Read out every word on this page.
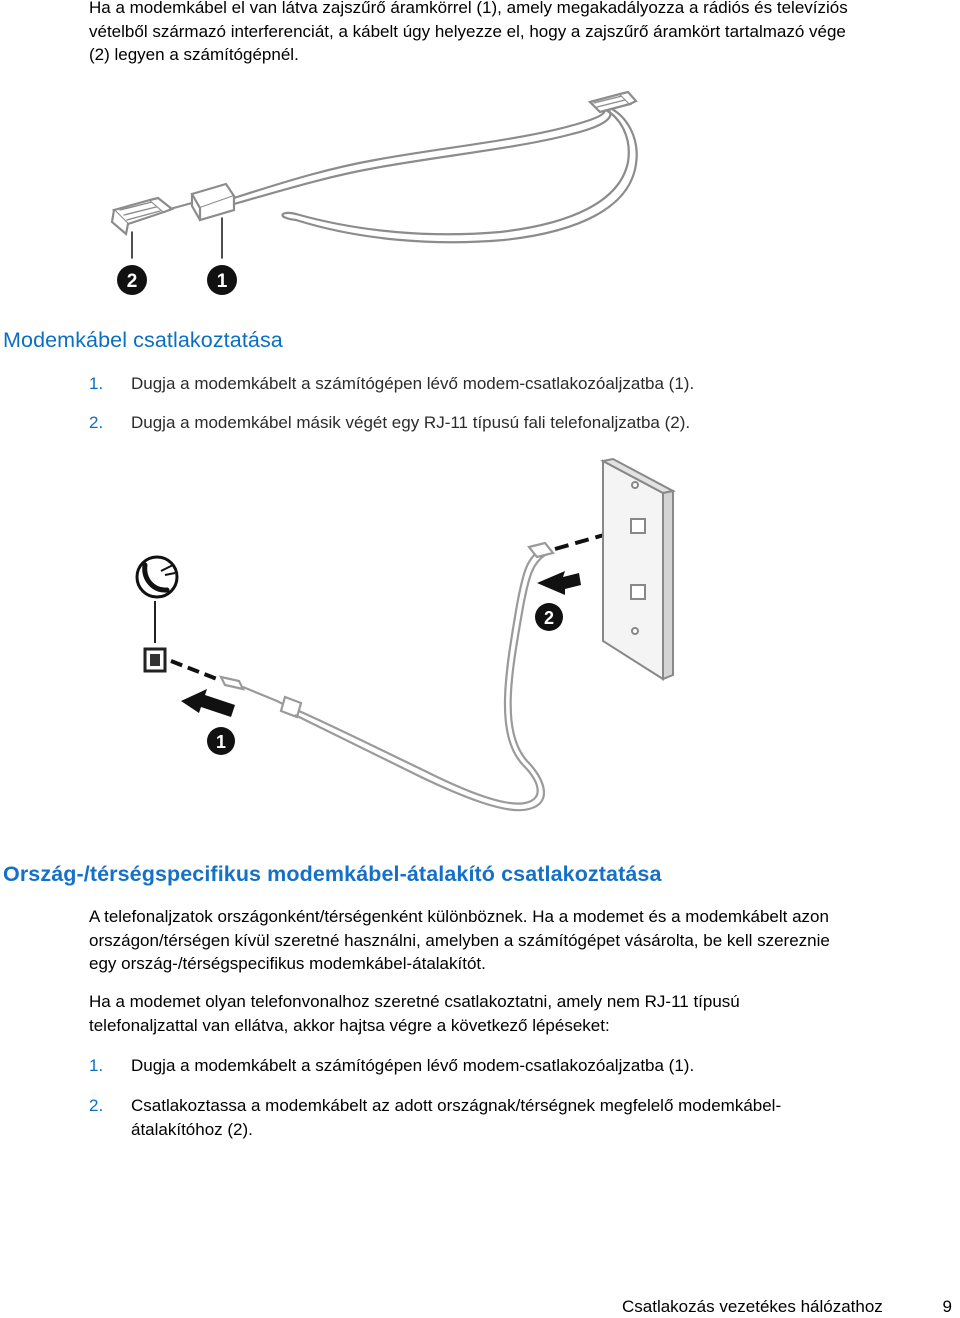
Ha a modemkábel el van látva zajszűrő áramkörrel (1), amely megakadályozza a rádiós és televíziós
vételből származó interferenciát, a kábelt úgy helyezze el, hogy a zajszűrő áramkört tartalmazó vége
(2) legyen a számítógépnél.
2	1
Modemkábel csatlakoztatása
1. Dugja a modemkábelt a számítógépen lévő modem-csatlakozóaljzatba (1).
2. Dugja a modemkábel másik végét egy RJ-11 típusú fali telefonaljzatba (2).
1
2
Ország-/térségspecifikus modemkábel-átalakító csatlakoztatása
A telefonaljzatok országonként/térségenként különböznek. Ha a modemet és a modemkábelt azon
országon/térségen kívül szeretné használni, amelyben a számítógépet vásárolta, be kell szereznie
egy ország-/térségspecifikus modemkábel-átalakítót.
Ha a modemet olyan telefonvonalhoz szeretné csatlakoztatni, amely nem RJ-11 típusú
telefonaljzattal van ellátva, akkor hajtsa végre a következő lépéseket:
1. Dugja a modemkábelt a számítógépen lévő modem-csatlakozóaljzatba (1).
2. Csatlakoztassa a modemkábelt az adott országnak/térségnek megfelelő modemkábel-
átalakítóhoz (2).
Csatlakozás vezetékes hálózathoz	9
